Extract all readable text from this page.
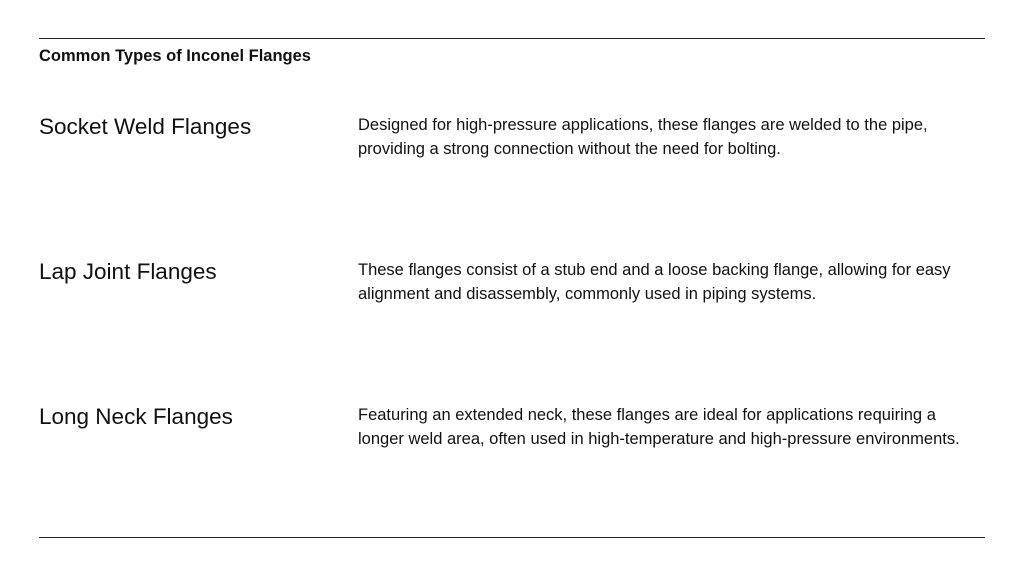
Common Types of Inconel Flanges
Socket Weld Flanges	Designed for high-pressure applications, these flanges are welded to the pipe, providing a strong connection without the need for bolting.

Lap Joint Flanges	These flanges consist of a stub end and a loose backing flange, allowing for easy alignment and disassembly, commonly used in piping systems.

Long Neck Flanges	Featuring an extended neck, these flanges are ideal for applications requiring a longer weld area, often used in high-temperature and high-pressure environments.
